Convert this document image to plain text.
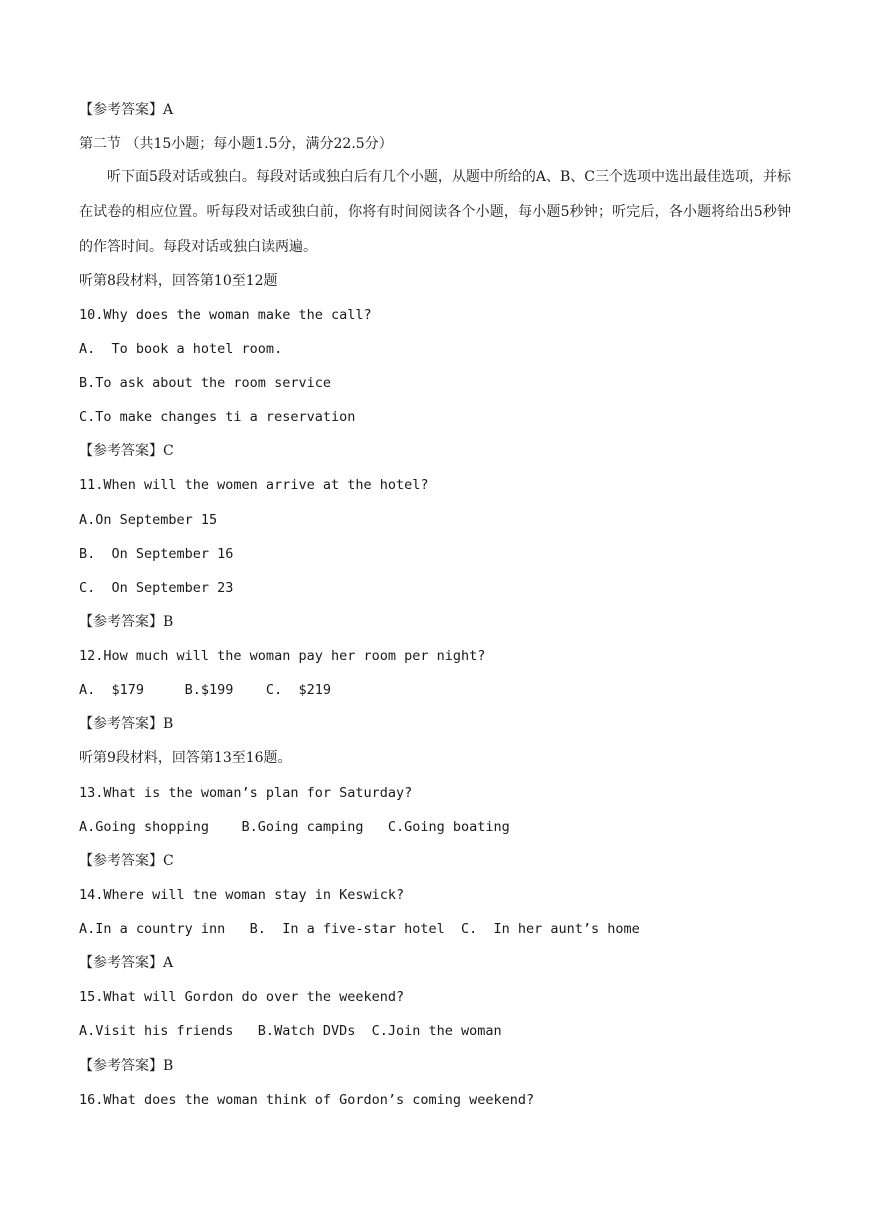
【参考答案】A
第二节 （共15小题；每小题1.5分，满分22.5分）
听下面5段对话或独白。每段对话或独白后有几个小题，从题中所给的A、B、C三个选项中选出最佳选项，并标在试卷的相应位置。听每段对话或独白前，你将有时间阅读各个小题，每小题5秒钟；听完后，各小题将给出5秒钟的作答时间。每段对话或独白读两遍。
听第8段材料，回答第10至12题
10.Why does the woman make the call?
A.  To book a hotel room.
B.To ask about the room service
C.To make changes ti a reservation
【参考答案】C
11.When will the women arrive at the hotel?
A.On September 15
B.  On September 16
C.  On September 23
【参考答案】B
12.How much will the woman pay her room per night?
A.  $179     B.$199    C.  $219
【参考答案】B
听第9段材料，回答第13至16题。
13.What is the woman’s plan for Saturday?
A.Going shopping    B.Going camping   C.Going boating
【参考答案】C
14.Where will tne woman stay in Keswick?
A.In a country inn   B.  In a five-star hotel  C.  In her aunt’s home
【参考答案】A
15.What will Gordon do over the weekend?
A.Visit his friends   B.Watch DVDs  C.Join the woman
【参考答案】B
16.What does the woman think of Gordon’s coming weekend?
